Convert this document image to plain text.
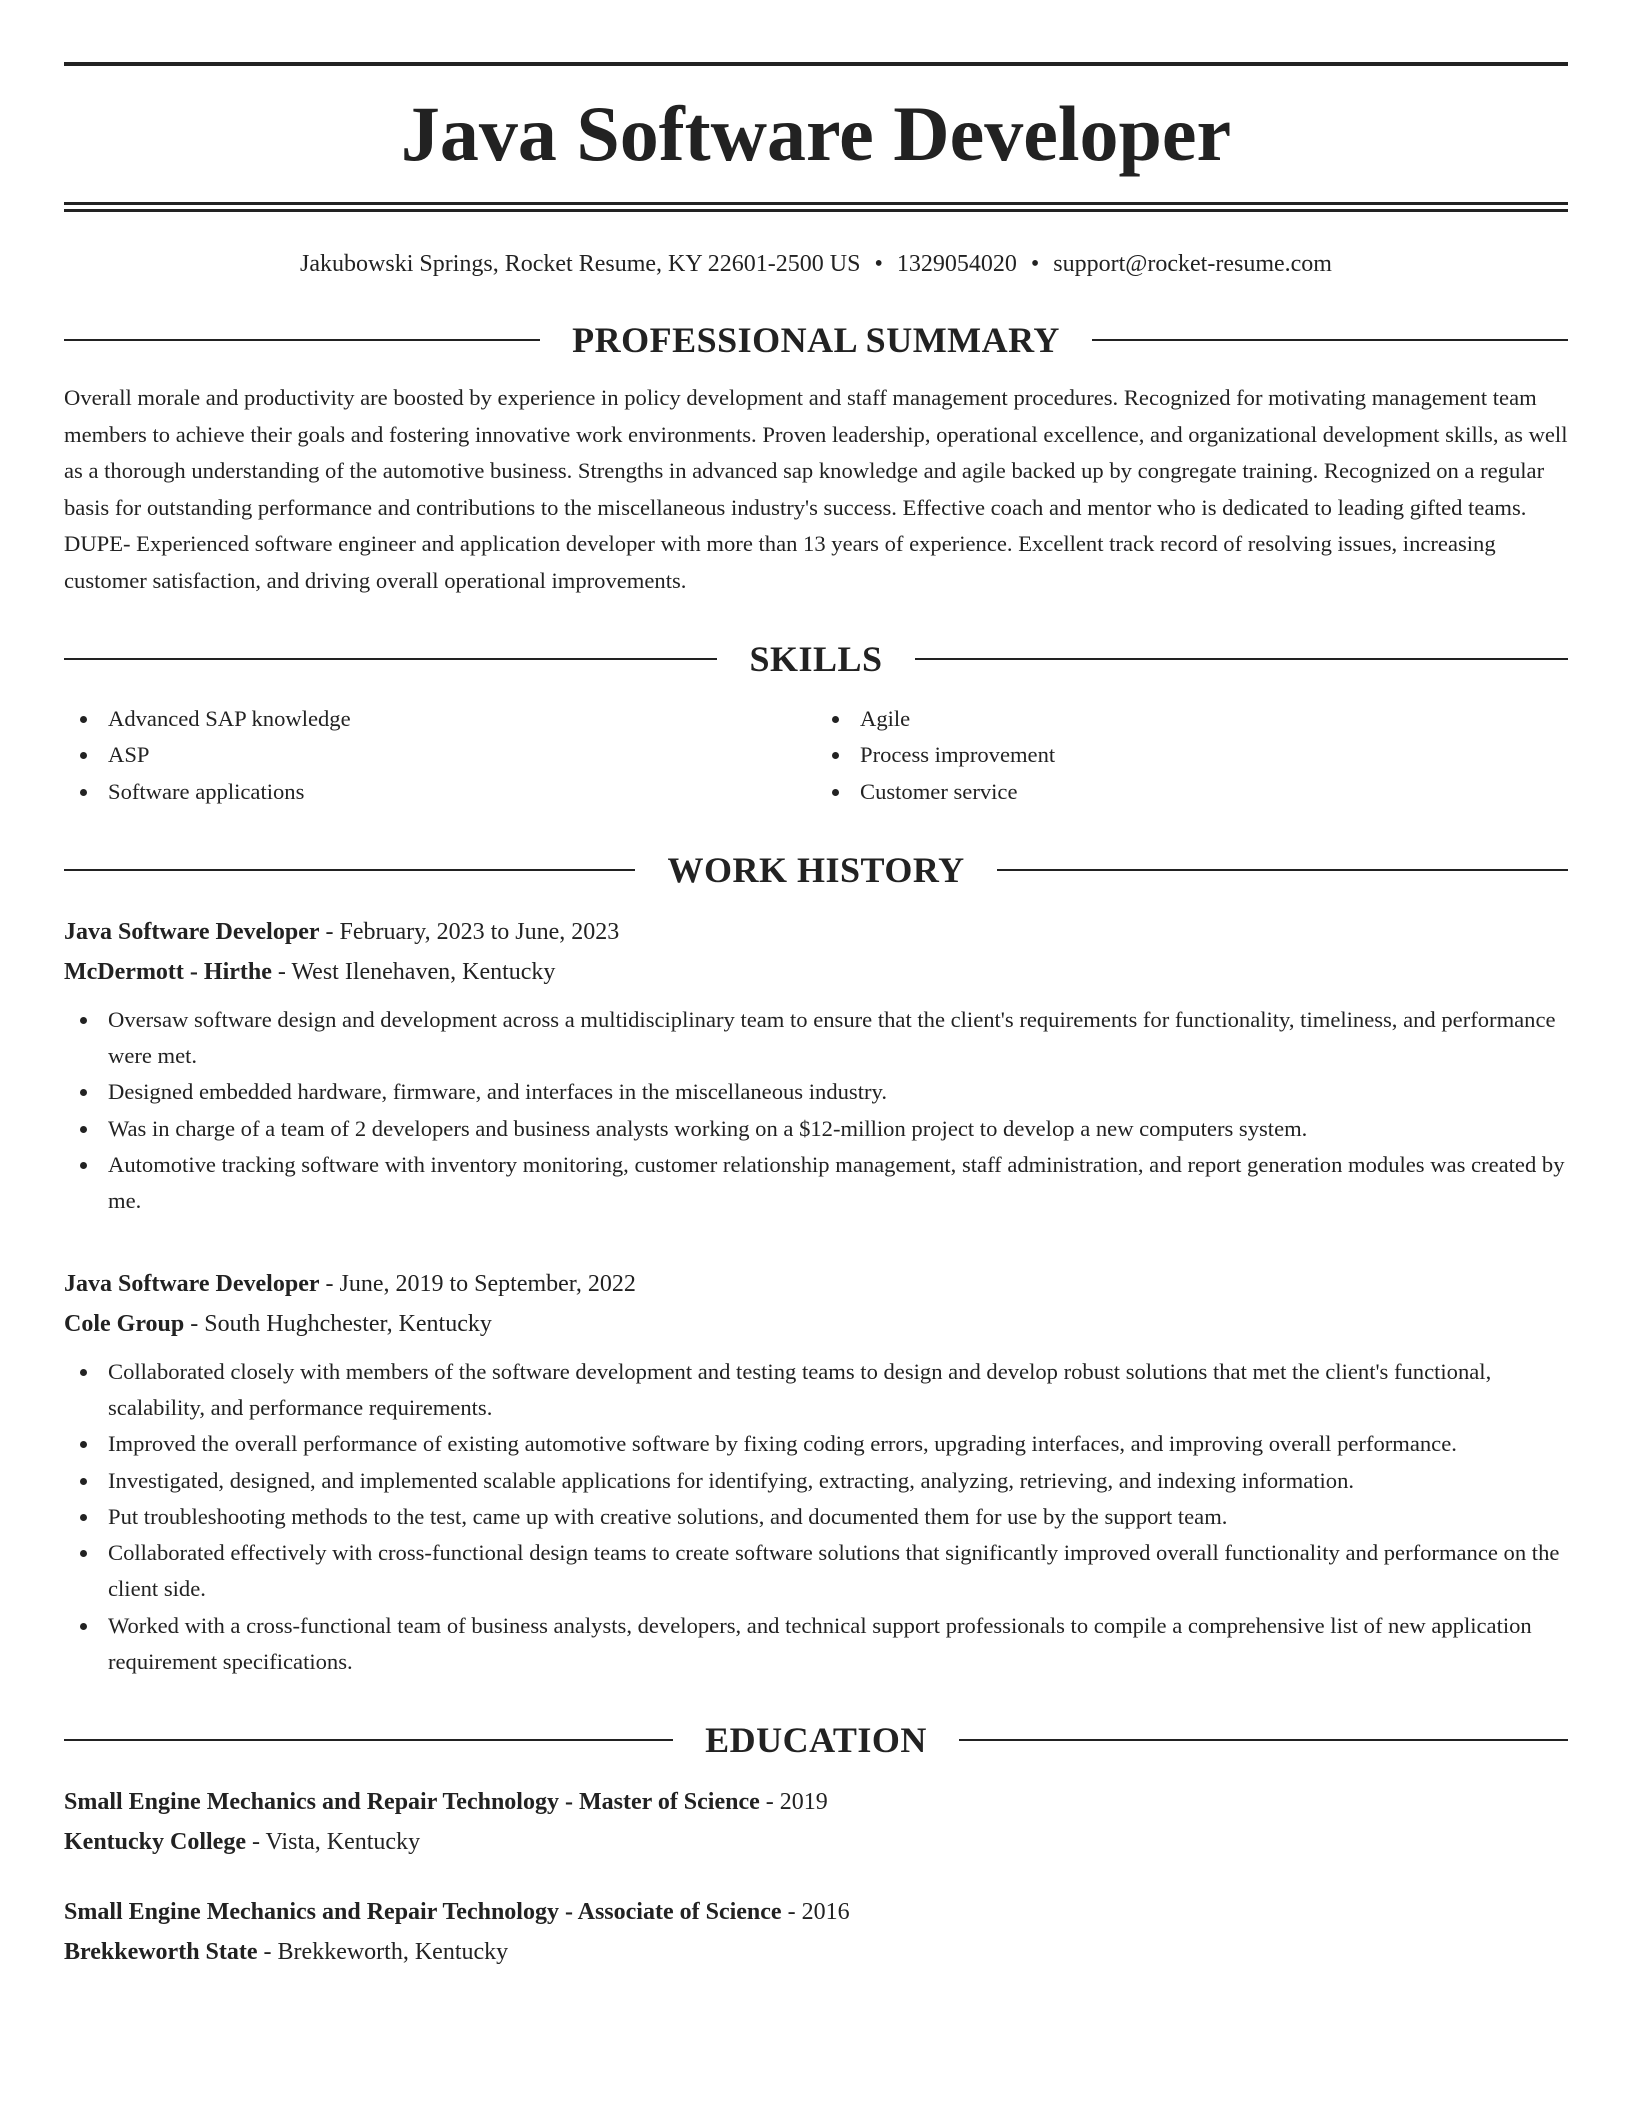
Java Software Developer
Jakubowski Springs, Rocket Resume, KY 22601-2500 US • 1329054020 • support@rocket-resume.com
PROFESSIONAL SUMMARY

Overall morale and productivity are boosted by experience in policy development and staff management procedures. Recognized for motivating management team members to achieve their goals and fostering innovative work environments. Proven leadership, operational excellence, and organizational development skills, as well as a thorough understanding of the automotive business. Strengths in advanced sap knowledge and agile backed up by congregate training. Recognized on a regular basis for outstanding performance and contributions to the miscellaneous industry's success. Effective coach and mentor who is dedicated to leading gifted teams. DUPE- Experienced software engineer and application developer with more than 13 years of experience. Excellent track record of resolving issues, increasing customer satisfaction, and driving overall operational improvements.

SKILLS
Advanced SAP knowledge
ASP
Software applications
Agile
Process improvement
Customer service
WORK HISTORY
Java Software Developer - February, 2023 to June, 2023
McDermott - Hirthe - West Ilenehaven, Kentucky
Oversaw software design and development across a multidisciplinary team to ensure that the client's requirements for functionality, timeliness, and performance were met.
Designed embedded hardware, firmware, and interfaces in the miscellaneous industry.
Was in charge of a team of 2 developers and business analysts working on a $12-million project to develop a new computers system.
Automotive tracking software with inventory monitoring, customer relationship management, staff administration, and report generation modules was created by me.
Java Software Developer - June, 2019 to September, 2022
Cole Group - South Hughchester, Kentucky
Collaborated closely with members of the software development and testing teams to design and develop robust solutions that met the client's functional, scalability, and performance requirements.
Improved the overall performance of existing automotive software by fixing coding errors, upgrading interfaces, and improving overall performance.
Investigated, designed, and implemented scalable applications for identifying, extracting, analyzing, retrieving, and indexing information.
Put troubleshooting methods to the test, came up with creative solutions, and documented them for use by the support team.
Collaborated effectively with cross-functional design teams to create software solutions that significantly improved overall functionality and performance on the client side.
Worked with a cross-functional team of business analysts, developers, and technical support professionals to compile a comprehensive list of new application requirement specifications.
EDUCATION
Small Engine Mechanics and Repair Technology - Master of Science - 2019
Kentucky College - Vista, Kentucky
Small Engine Mechanics and Repair Technology - Associate of Science - 2016
Brekkeworth State - Brekkeworth, Kentucky
